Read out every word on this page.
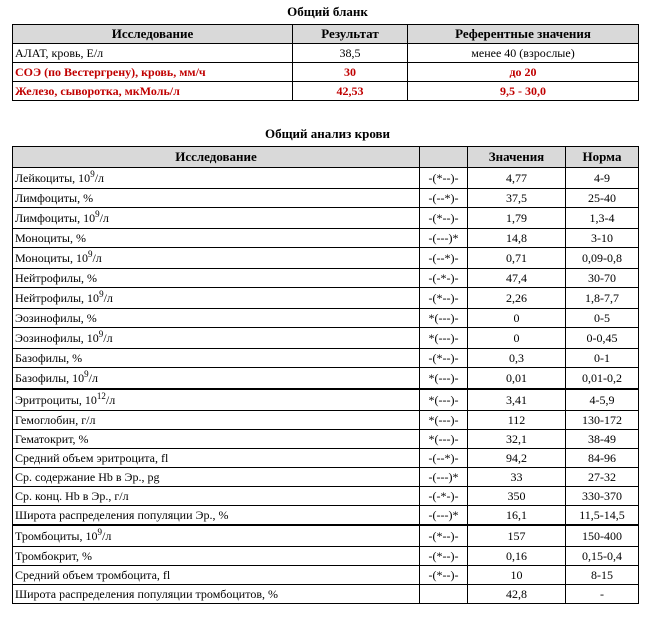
Общий бланк
Исследование	Результат	Референтные значения
АЛАТ, кровь, Е/л	38,5	менее 40 (взрослые)
СОЭ (по Вестергрену), кровь, мм/ч	30	до 20
Железо, сыворотка, мкМоль/л	42,53	9,5 - 30,0
Общий анализ крови
Исследование		Значения	Норма
Лейкоциты, $10^9/л$	-(*--)-	4,77	4-9
Лимфоциты, %	-(--*)-	37,5	25-40
Лимфоциты, $10^9/л$	-(*--)-	1,79	1,3-4
Моноциты, %	-(---)*	14,8	3-10
Моноциты, $10^9/л$	-(--*)-	0,71	0,09-0,8
Нейтрофилы, %	-(-*-)-	47,4	30-70
Нейтрофилы, $10^9/л$	-(*--)-	2,26	1,8-7,7
Эозинофилы, %	*(---)-	0	0-5
Эозинофилы, $10^9/л$	*(---)-	0	0-0,45
Базофилы, %	-(*--)-	0,3	0-1
Базофилы, $10^9/л$	*(---)-	0,01	0,01-0,2
Эритроциты, $10^{12}/л$	*(---)-	3,41	4-5,9
Гемоглобин, г/л	*(---)-	112	130-172
Гематокрит, %	*(---)-	32,1	38-49
Средний объем эритроцита, fl	-(--*)-	94,2	84-96
Ср. содержание Hb в Эр., pg	-(---)*	33	27-32
Ср. конц. Hb в Эр., г/л	-(-*-)-	350	330-370
Широта распределения популяции Эр., %	-(---)*	16,1	11,5-14,5
Тромбоциты, $10^9/л$	-(*--)-	157	150-400
Тромбокрит, %	-(*--)-	0,16	0,15-0,4
Средний объем тромбоцита, fl	-(*--)-	10	8-15
Широта распределения популяции тромбоцитов, %		42,8	-
